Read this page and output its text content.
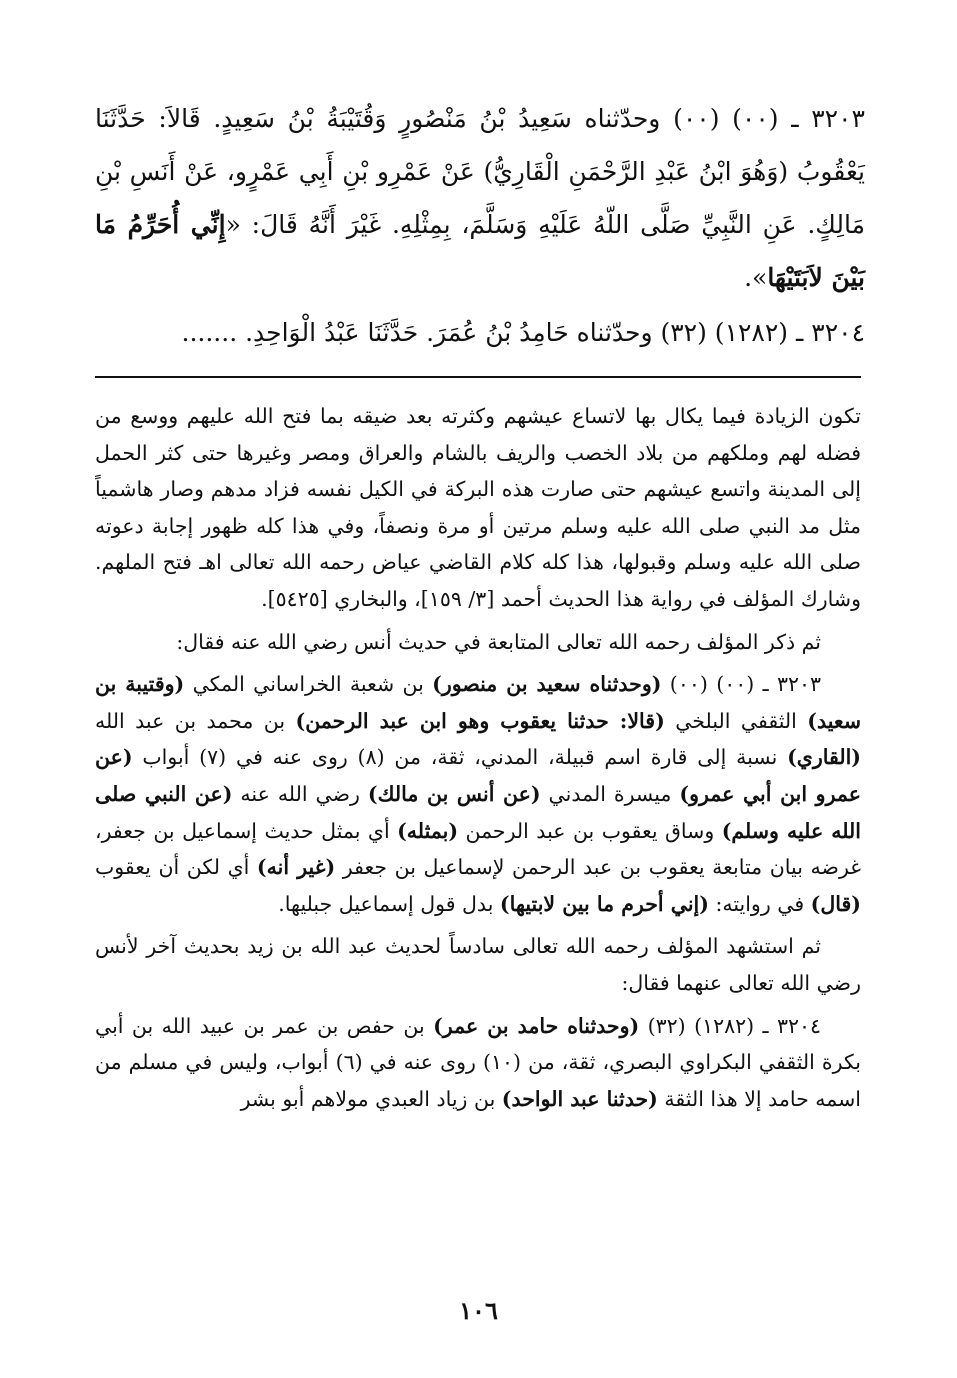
٣٢٠٣ ـ (٠٠) (٠٠) وحدّثناه سَعِيدُ بْنُ مَنْصُورٍ وَقُتَيْبَةُ بْنُ سَعِيدٍ. قَالاَ: حَدَّثَنَا يَعْقُوبُ (وَهُوَ ابْنُ عَبْدِ الرَّحْمَنِ الْقَارِيُّ) عَنْ عَمْرِو بْنِ أَبِي عَمْرٍو، عَنْ أَنَسِ بْنِ مَالِكٍ. عَنِ النَّبِيِّ صَلَّى اللّهُ عَلَيْهِ وَسَلَّمَ، بِمِثْلِهِ. غَيْرَ أَنَّهُ قَالَ: «إِنِّي أُحَرِّمُ مَا بَيْنَ لاَبَتَيْهَا».

٣٢٠٤ ـ (١٢٨٢) (٣٢) وحدّثناه حَامِدُ بْنُ عُمَرَ. حَدَّثَنَا عَبْدُ الْوَاحِدِ. .......

تكون الزيادة فيما يكال بها لاتساع عيشهم وكثرته بعد ضيقه بما فتح الله عليهم ووسع من فضله لهم وملكهم من بلاد الخصب والريف بالشام والعراق ومصر وغيرها حتى كثر الحمل إلى المدينة واتسع عيشهم حتى صارت هذه البركة في الكيل نفسه فزاد مدهم وصار هاشمياً مثل مد النبي صلى الله عليه وسلم مرتين أو مرة ونصفاً، وفي هذا كله ظهور إجابة دعوته صلى الله عليه وسلم وقبولها، هذا كله كلام القاضي عياض رحمه الله تعالى اهـ فتح الملهم. وشارك المؤلف في رواية هذا الحديث أحمد [٣/ ١٥٩]، والبخاري [٥٤٢٥].

ثم ذكر المؤلف رحمه الله تعالى المتابعة في حديث أنس رضي الله عنه فقال:

٣٢٠٣ ـ (٠٠) (٠٠) (وحدثناه سعيد بن منصور) بن شعبة الخراساني المكي (وقتيبة بن سعيد) الثقفي البلخي (قالا: حدثنا يعقوب وهو ابن عبد الرحمن) بن محمد بن عبد الله (القاري) نسبة إلى قارة اسم قبيلة، المدني، ثقة، من (٨) روى عنه في (٧) أبواب (عن عمرو ابن أبي عمرو) ميسرة المدني (عن أنس بن مالك) رضي الله عنه (عن النبي صلى الله عليه وسلم) وساق يعقوب بن عبد الرحمن (بمثله) أي بمثل حديث إسماعيل بن جعفر، غرضه بيان متابعة يعقوب بن عبد الرحمن لإسماعيل بن جعفر (غير أنه) أي لكن أن يعقوب (قال) في روايته: (إني أحرم ما بين لابتيها) بدل قول إسماعيل جبليها.

ثم استشهد المؤلف رحمه الله تعالى سادساً لحديث عبد الله بن زيد بحديث آخر لأنس رضي الله تعالى عنهما فقال:

٣٢٠٤ ـ (١٢٨٢) (٣٢) (وحدثناه حامد بن عمر) بن حفص بن عمر بن عبيد الله بن أبي بكرة الثقفي البكراوي البصري، ثقة، من (١٠) روى عنه في (٦) أبواب، وليس في مسلم من اسمه حامد إلا هذا الثقة (حدثنا عبد الواحد) بن زياد العبدي مولاهم أبو بشر

١٠٦
